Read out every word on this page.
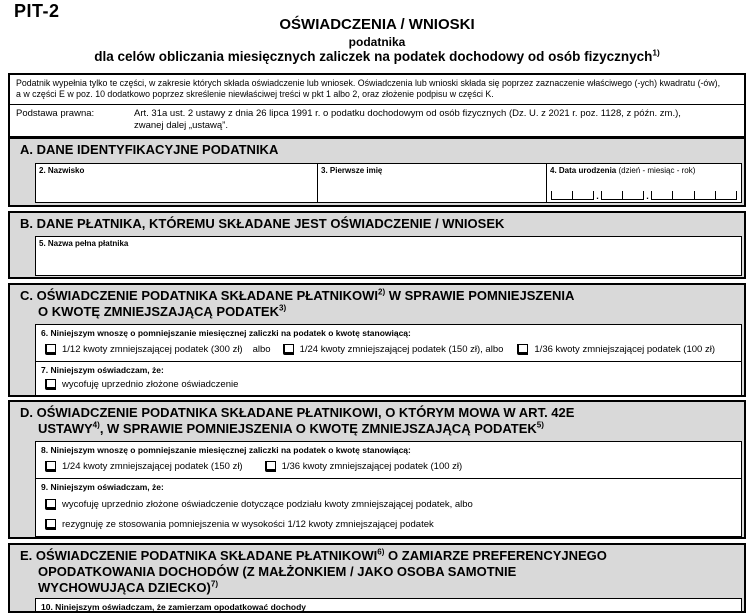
PIT-2
OŚWIADCZENIA / WNIOSKI
podatnika
dla celów obliczania miesięcznych zaliczek na podatek dochodowy od osób fizycznych$^{1)}$
Podatnik wypełnia tylko te części, w zakresie których składa oświadczenie lub wniosek. Oświadczenia lub wnioski składa się poprzez zaznaczenie właściwego (-ych) kwadratu (-ów),
a w części E w poz. 10 dodatkowo poprzez skreślenie niewłaściwej treści w pkt 1 albo 2, oraz złożenie podpisu w części K.
Podstawa prawna:	Art. 31a ust. 2 ustawy z dnia 26 lipca 1991 r. o podatku dochodowym od osób fizycznych (Dz. U. z 2021 r. poz. 1128, z późn. zm.),
zwanej dalej „ustawą”.
A. DANE IDENTYFIKACYJNE PODATNIKA
2. Nazwisko	3. Pierwsze imię	4. Data urodzenia (dzień - miesiąc - rok)
.
.
B. DANE PŁATNIKA, KTÓREMU SKŁADANE JEST OŚWIADCZENIE / WNIOSEK
5. Nazwa pełna płatnika
C. OŚWIADCZENIE PODATNIKA SKŁADANE PŁATNIKOWI$^{2)}$ W SPRAWIE POMNIEJSZENIA
O KWOTĘ ZMNIEJSZAJĄCĄ PODATEK$^{3)}$
6. Niniejszym wnoszę o pomniejszanie miesięcznej zaliczki na podatek o kwotę stanowiącą:
1/12 kwoty zmniejszającej podatek (300 zł) albo	1/24 kwoty zmniejszającej podatek (150 zł), albo	1/36 kwoty zmniejszającej podatek (100 zł)
7. Niniejszym oświadczam, że:
wycofuję uprzednio złożone oświadczenie
D. OŚWIADCZENIE PODATNIKA SKŁADANE PŁATNIKOWI, O KTÓRYM MOWA W ART. 42E
USTAWY$^{4)}$, W SPRAWIE POMNIEJSZENIA O KWOTĘ ZMNIEJSZAJĄCĄ PODATEK$^{5)}$
8. Niniejszym wnoszę o pomniejszanie miesięcznej zaliczki na podatek o kwotę stanowiącą:
1/24 kwoty zmniejszającej podatek (150 zł)	1/36 kwoty zmniejszającej podatek (100 zł)
9. Niniejszym oświadczam, że:
wycofuję uprzednio złożone oświadczenie dotyczące podziału kwoty zmniejszającej podatek, albo
rezygnuję ze stosowania pomniejszenia w wysokości 1/12 kwoty zmniejszającej podatek
E. OŚWIADCZENIE PODATNIKA SKŁADANE PŁATNIKOWI$^{6)}$ O ZAMIARZE PREFERENCYJNEGO
OPODATKOWANIA DOCHODÓW (Z MAŁŻONKIEM / JAKO OSOBA SAMOTNIE
WYCHOWUJĄCA DZIECKO)$^{7)}$
10. Niniejszym oświadczam, że zamierzam opodatkować dochody
